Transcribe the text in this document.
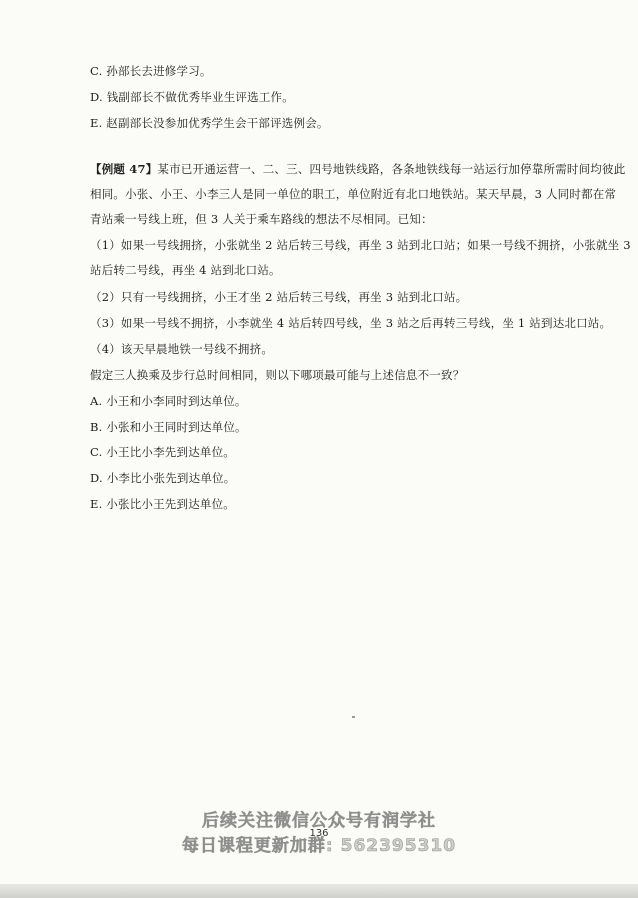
C. 孙部长去进修学习。
D. 钱副部长不做优秀毕业生评选工作。
E. 赵副部长没参加优秀学生会干部评选例会。
【例题 47】某市已开通运营一、二、三、四号地铁线路，各条地铁线每一站运行加停靠所需时间均彼此
相同。小张、小王、小李三人是同一单位的职工，单位附近有北口地铁站。某天早晨，3 人同时都在常
青站乘一号线上班，但 3 人关于乘车路线的想法不尽相同。已知：
（1）如果一号线拥挤，小张就坐 2 站后转三号线，再坐 3 站到北口站；如果一号线不拥挤，小张就坐 3
站后转二号线，再坐 4 站到北口站。
（2）只有一号线拥挤，小王才坐 2 站后转三号线，再坐 3 站到北口站。
（3）如果一号线不拥挤，小李就坐 4 站后转四号线，坐 3 站之后再转三号线，坐 1 站到达北口站。
（4）该天早晨地铁一号线不拥挤。
假定三人换乘及步行总时间相同，则以下哪项最可能与上述信息不一致？
A. 小王和小李同时到达单位。
B. 小张和小王同时到达单位。
C. 小王比小李先到达单位。
D. 小李比小张先到达单位。
E. 小张比小王先到达单位。
后续关注微信公众号有润学社
136
每日课程更新加群: 562395310
